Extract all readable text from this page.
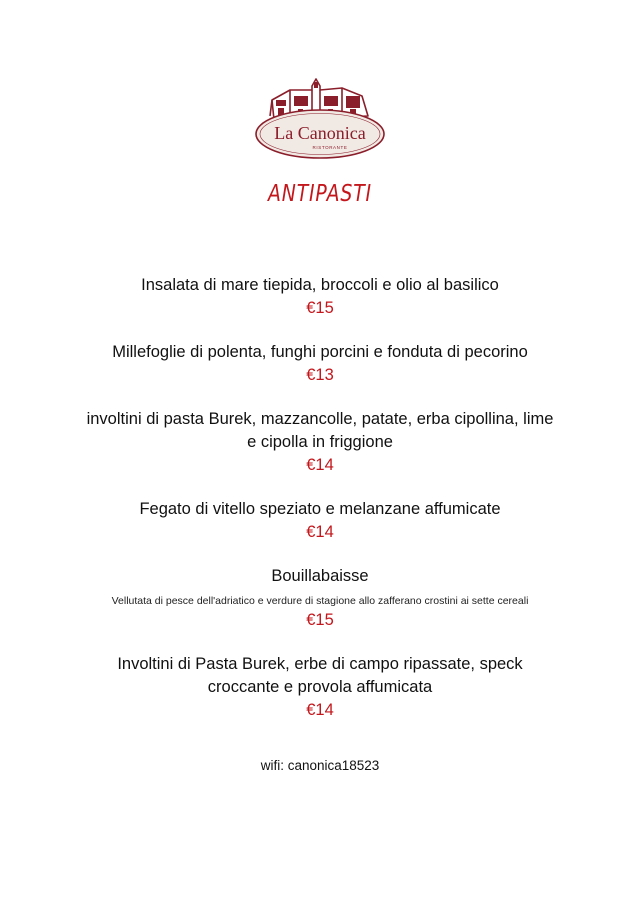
La Canonica
RISTORANTE
ANTIPASTI
Insalata di mare tiepida, broccoli e olio al basilico
€15
Millefoglie di polenta, funghi porcini e fonduta di pecorino
€13
involtini di pasta Burek, mazzancolle, patate, erba cipollina, lime e cipolla in friggione
€14
Fegato di vitello speziato e melanzane affumicate
€14
Bouillabaisse
Vellutata di pesce dell'adriatico e verdure di stagione allo zafferano crostini ai sette cereali
€15
Involtini di Pasta Burek, erbe di campo ripassate, speck croccante e provola affumicata
€14
wifi: canonica18523
